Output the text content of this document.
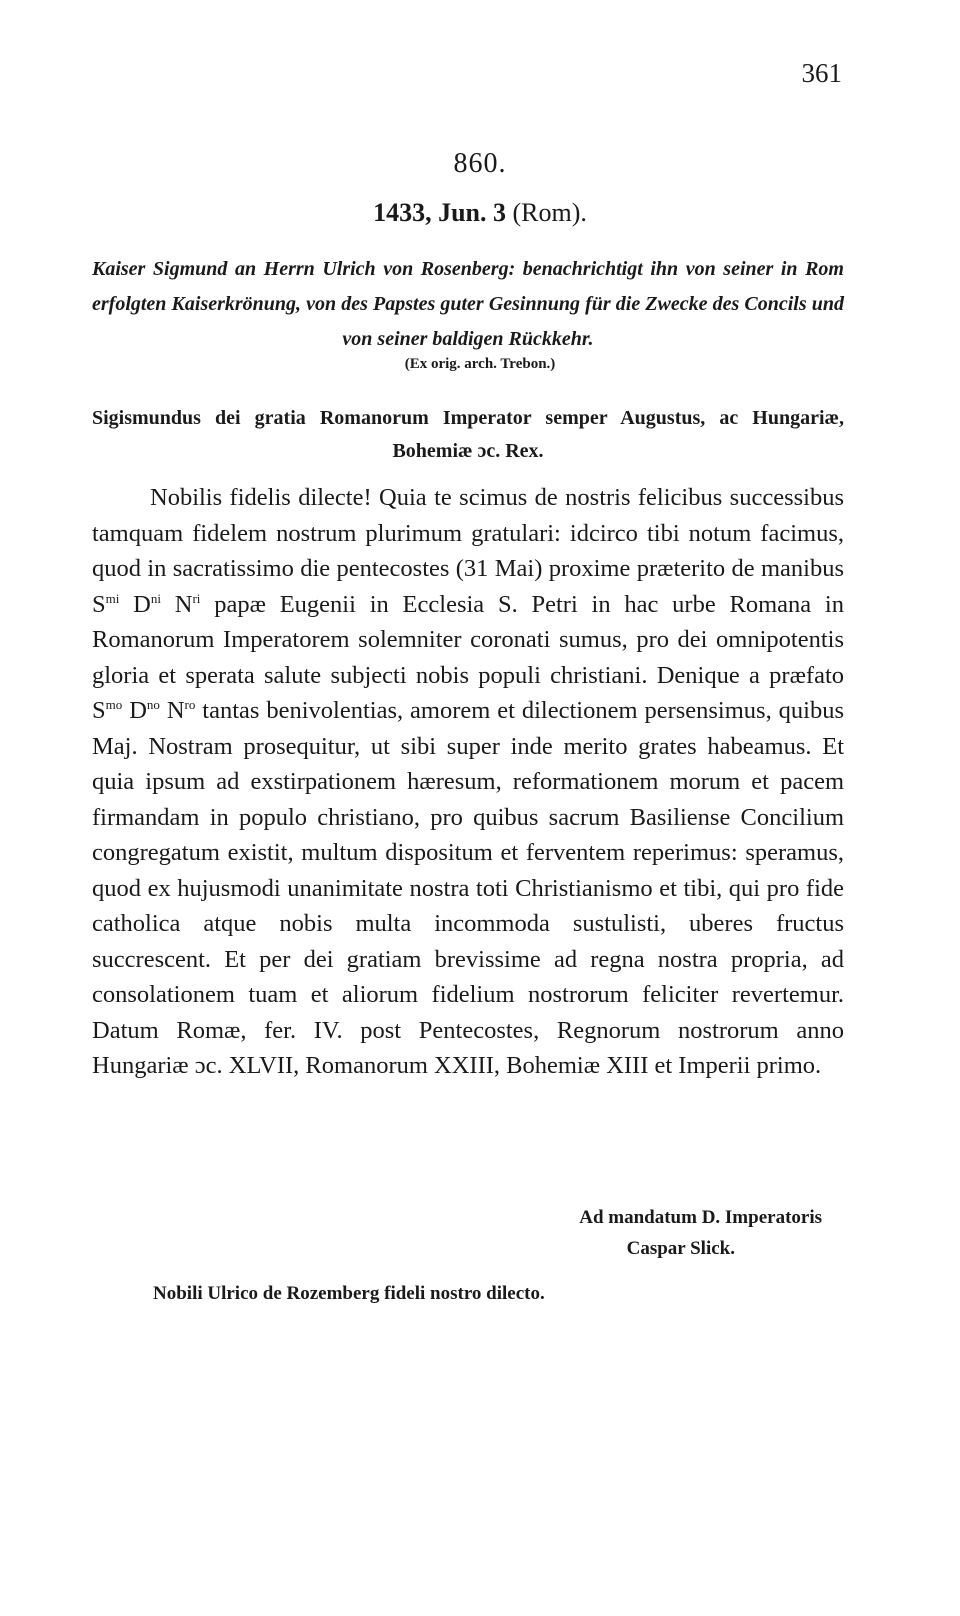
361
860.
1433, Jun. 3 (Rom).
Kaiser Sigmund an Herrn Ulrich von Rosenberg: benachrichtigt ihn von seiner in Rom erfolgten Kaiserkrönung, von des Papstes guter Gesinnung für die Zwecke des Concils und von seiner baldigen Rückkehr.
(Ex orig. arch. Trebon.)
Sigismundus dei gratia Romanorum Imperator semper Augustus, ac Hungariæ, Bohemiæ ɔc. Rex.

Nobilis fidelis dilecte! Quia te scimus de nostris felicibus successibus tamquam fidelem nostrum plurimum gratulari: idcirco tibi notum facimus, quod in sacratissimo die pentecostes (31 Mai) proxime præterito de manibus $S^{mi}$ $D^{ni}$ $N^{ri}$ papæ Eugenii in Ecclesia S. Petri in hac urbe Romana in Romanorum Imperatorem solemniter coronati sumus, pro dei omnipotentis gloria et sperata salute subjecti nobis populi christiani. Denique a præfato $S^{mo}$ $D^{no}$ $N^{ro}$ tantas benivolentias, amorem et dilectionem persensimus, quibus Maj. Nostram prosequitur, ut sibi super inde merito grates habeamus. Et quia ipsum ad exstirpationem hæresum, reformationem morum et pacem firmandam in populo christiano, pro quibus sacrum Basiliense Concilium congregatum existit, multum dispositum et ferventem reperimus: speramus, quod ex hujusmodi unanimitate nostra toti Christianismo et tibi, qui pro fide catholica atque nobis multa incommoda sustulisti, uberes fructus succrescent. Et per dei gratiam brevissime ad regna nostra propria, ad consolationem tuam et aliorum fidelium nostrorum feliciter revertemur. Datum Romæ, fer. IV. post Pentecostes, Regnorum nostrorum anno Hungariæ ɔc. XLVII, Romanorum XXIII, Bohemiæ XIII et Imperii primo.

Ad mandatum D. Imperatoris
Caspar Slick.
Nobili Ulrico de Rozemberg fideli nostro dilecto.
